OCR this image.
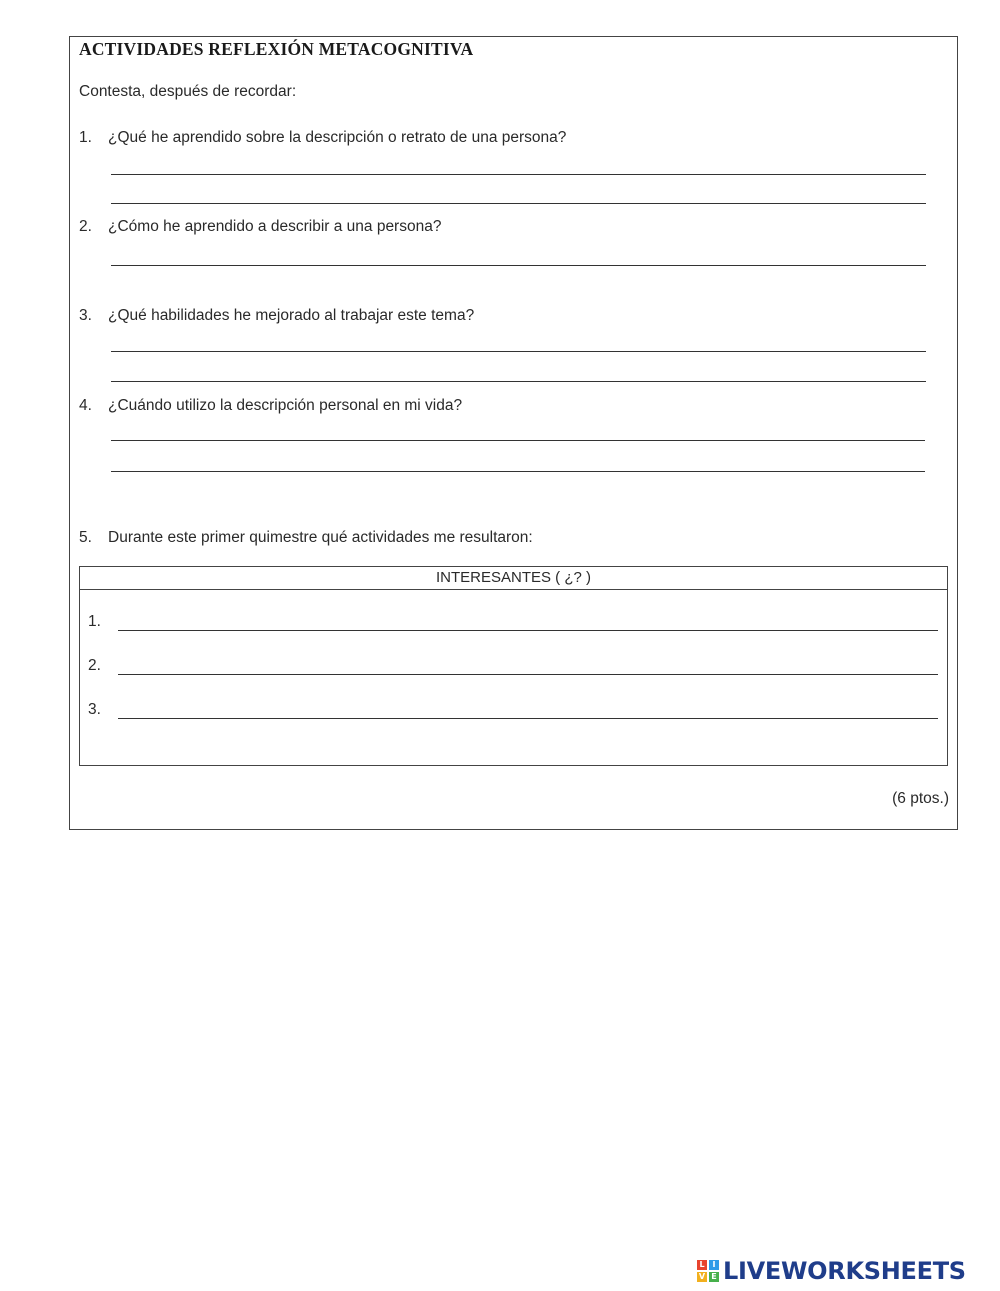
ACTIVIDADES REFLEXIÓN METACOGNITIVA
Contesta, después de recordar:
1. ¿Qué he aprendido sobre la descripción o retrato de una persona?
2. ¿Cómo he aprendido a describir a una persona?
3. ¿Qué habilidades he mejorado al trabajar este tema?
4. ¿Cuándo utilizo la descripción personal en mi vida?
5. Durante este primer quimestre qué actividades me resultaron:
INTERESANTES ( ¿? )
1.
2.
3.
(6 ptos.)
L I
V E LIVEWORKSHEETS
